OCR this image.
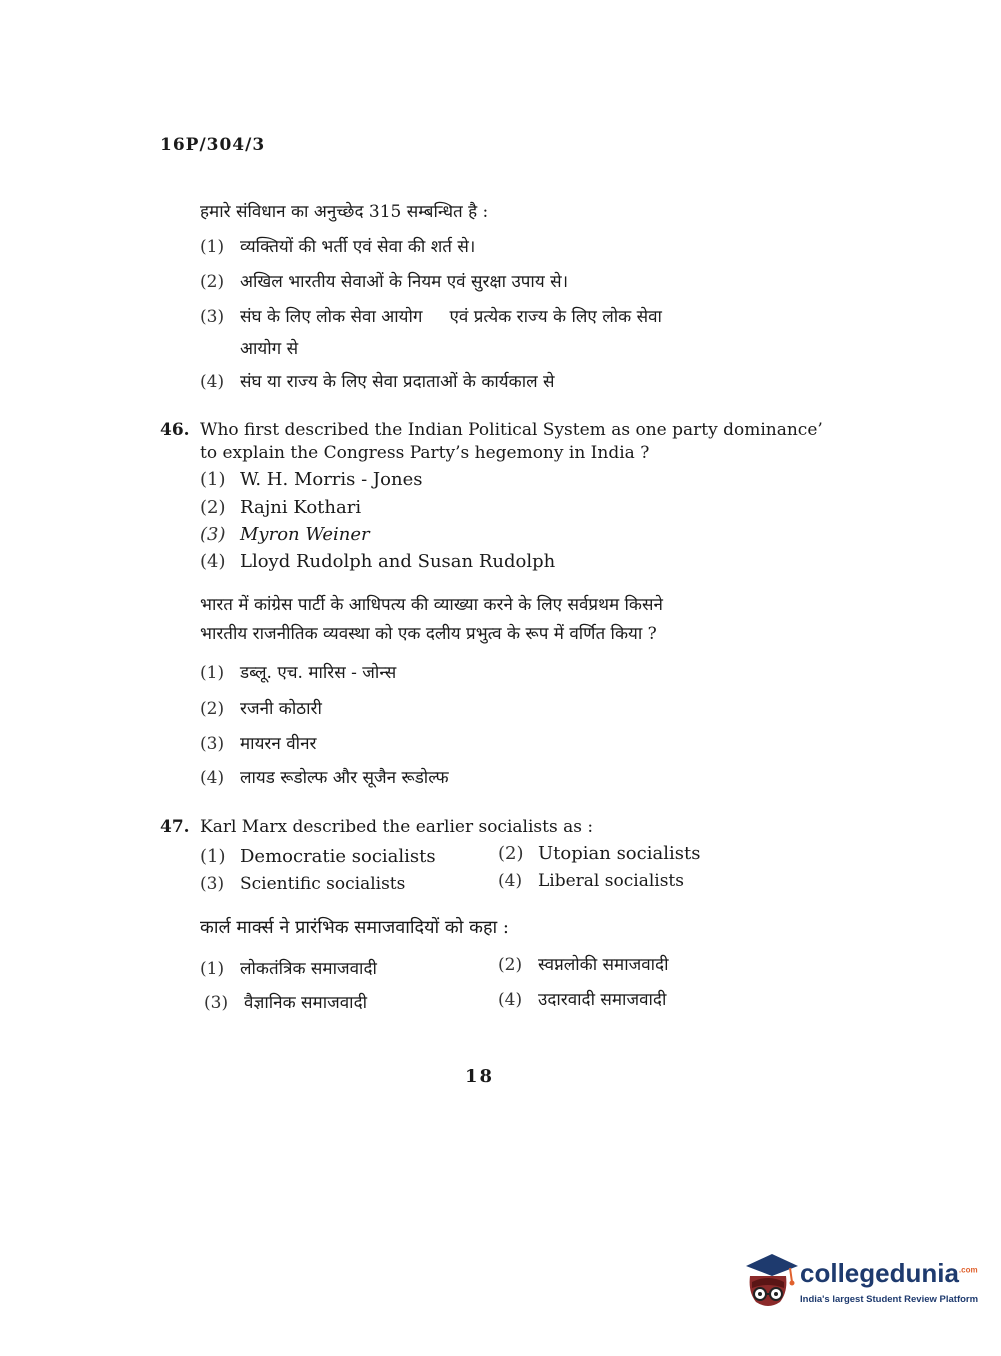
16P/304/3
हमारे संविधान का अनुच्छेद 315 सम्बन्धित है :
(1) व्यक्तियों की भर्ती एवं सेवा की शर्त से।
(2) अखिल भारतीय सेवाओं के नियम एवं सुरक्षा उपाय से।
(3) संघ के लिए लोक सेवा आयोग     एवं प्रत्येक राज्य के लिए लोक सेवा
आयोग से
(4) संघ या राज्य के लिए सेवा प्रदाताओं के कार्यकाल से
46. Who first described the Indian Political System as one party dominance’
to explain the Congress Party’s hegemony in India ?
(1) W. H. Morris - Jones
(2) Rajni Kothari
(3) Myron Weiner
(4) Lloyd Rudolph and Susan Rudolph
भारत में कांग्रेस पार्टी के आधिपत्य की व्याख्या करने के लिए सर्वप्रथम किसने
भारतीय राजनीतिक व्यवस्था को एक दलीय प्रभुत्व के रूप में वर्णित किया ?
(1) डब्लू. एच. मारिस - जोन्स
(2) रजनी कोठारी
(3) मायरन वीनर
(4) लायड रूडोल्फ और सूजैन रूडोल्फ
47. Karl Marx described the earlier socialists as :
(1) Democratie socialists	(2) Utopian socialists
(3) Scientific socialists	(4) Liberal socialists
कार्ल मार्क्स ने प्रारंभिक समाजवादियों को कहा :
(1) लोकतंत्रिक समाजवादी	(2) स्वप्नलोकी समाजवादी
(3) वैज्ञानिक समाजवादी	(4) उदारवादी समाजवादी
18
collegedunia$^{.com}$
India's largest Student Review Platform
